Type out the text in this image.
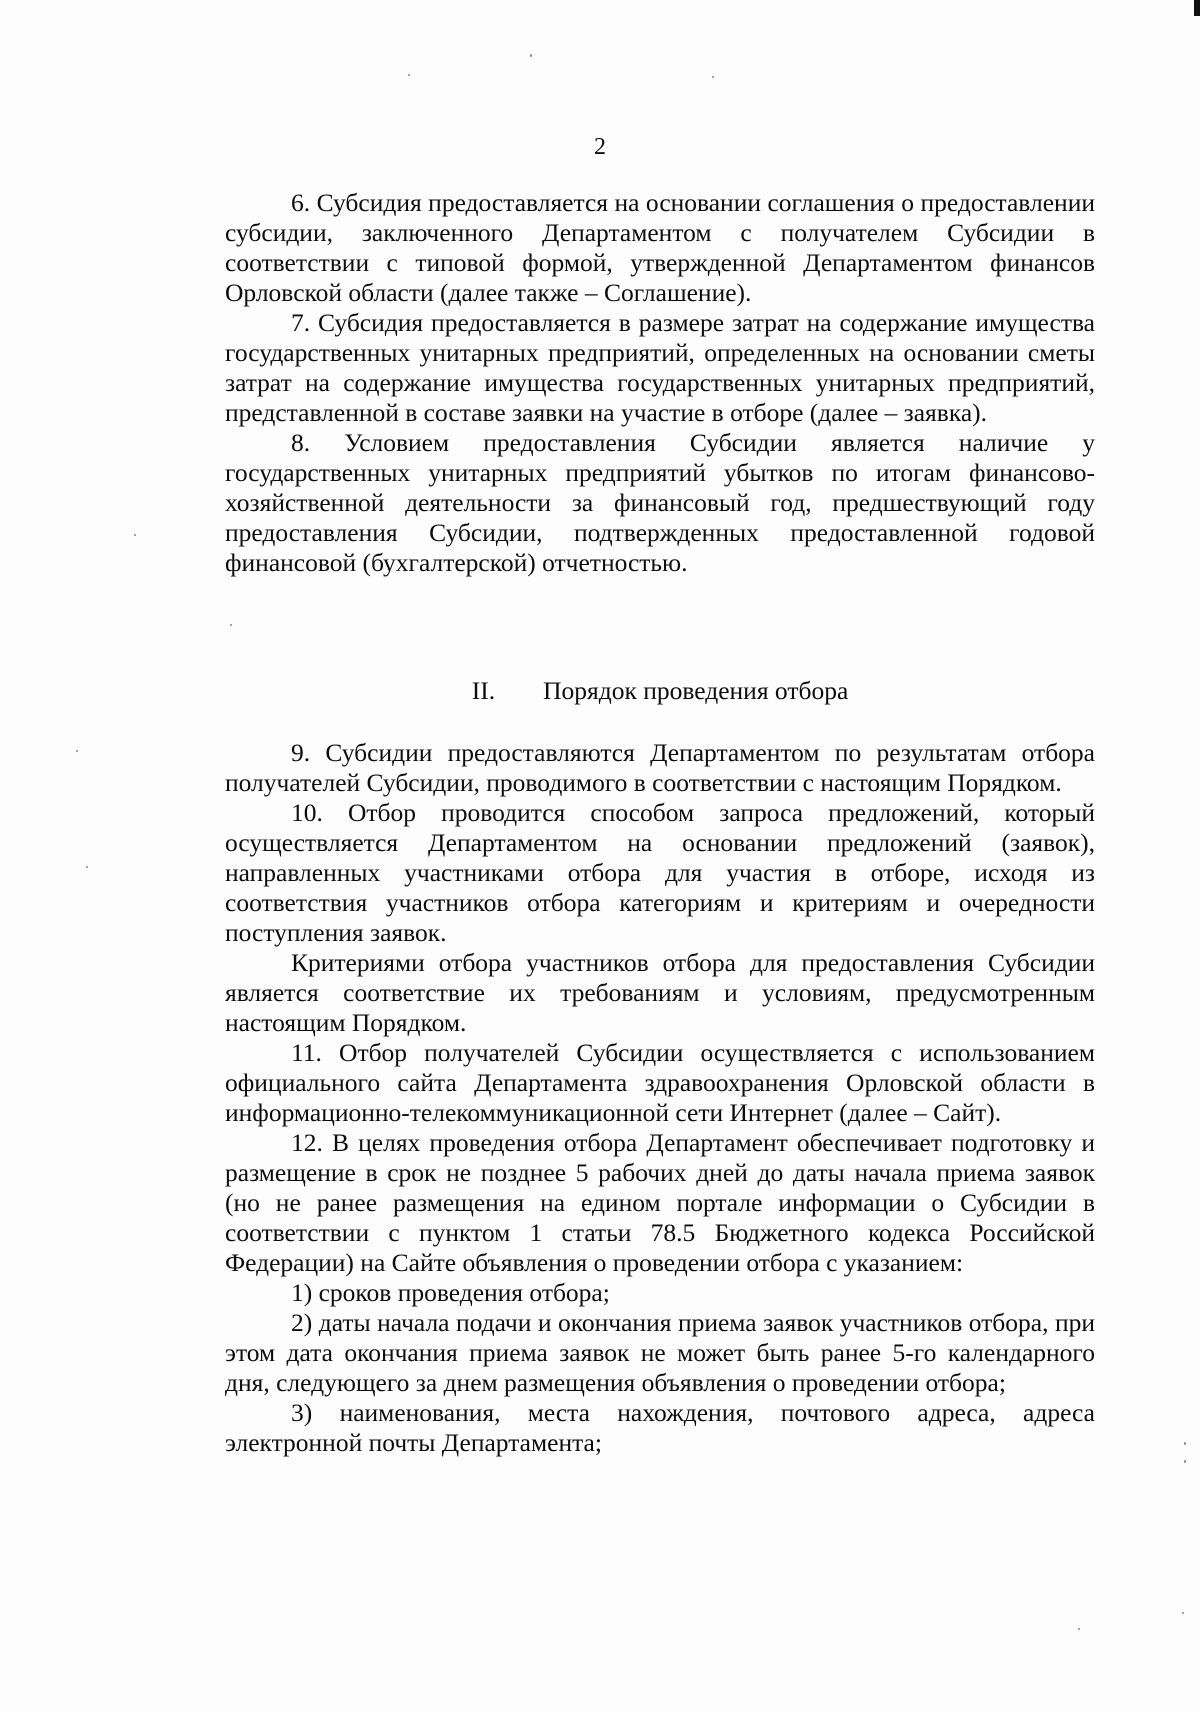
2

6. Субсидия предоставляется на основании соглашения о предоставлении субсидии, заключенного Департаментом с получателем Субсидии в соответствии с типовой формой, утвержденной Департаментом финансов Орловской области (далее также – Соглашение).

7. Субсидия предоставляется в размере затрат на содержание имущества государственных унитарных предприятий, определенных на основании сметы затрат на содержание имущества государственных унитарных предприятий, представленной в составе заявки на участие в отборе (далее – заявка).

8. Условием предоставления Субсидии является наличие у государственных унитарных предприятий убытков по итогам финансово-хозяйственной деятельности за финансовый год, предшествующий году предоставления Субсидии, подтвержденных предоставленной годовой финансовой (бухгалтерской) отчетностью.

II. Порядок проведения отбора

9. Субсидии предоставляются Департаментом по результатам отбора получателей Субсидии, проводимого в соответствии с настоящим Порядком.

10. Отбор проводится способом запроса предложений, который осуществляется Департаментом на основании предложений (заявок), направленных участниками отбора для участия в отборе, исходя из соответствия участников отбора категориям и критериям и очередности поступления заявок.

Критериями отбора участников отбора для предоставления Субсидии является соответствие их требованиям и условиям, предусмотренным настоящим Порядком.

11. Отбор получателей Субсидии осуществляется с использованием официального сайта Департамента здравоохранения Орловской области в информационно-телекоммуникационной сети Интернет (далее – Сайт).

12. В целях проведения отбора Департамент обеспечивает подготовку и размещение в срок не позднее 5 рабочих дней до даты начала приема заявок (но не ранее размещения на едином портале информации о Субсидии в соответствии с пунктом 1 статьи 78.5 Бюджетного кодекса Российской Федерации) на Сайте объявления о проведении отбора с указанием:

1) сроков проведения отбора;

2) даты начала подачи и окончания приема заявок участников отбора, при этом дата окончания приема заявок не может быть ранее 5-го календарного дня, следующего за днем размещения объявления о проведении отбора;

3) наименования, места нахождения, почтового адреса, адреса электронной почты Департамента;
